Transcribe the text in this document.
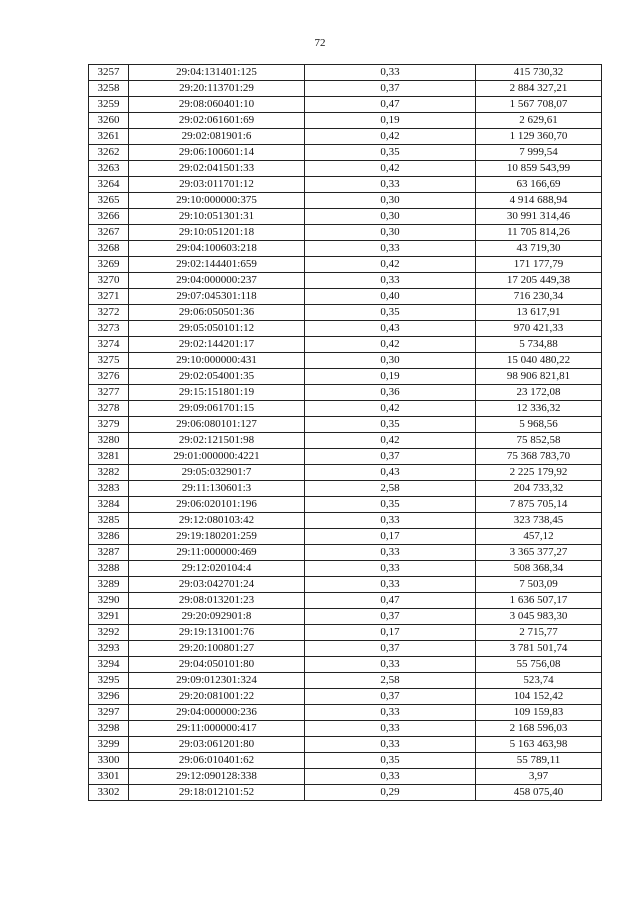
72
3257	29:04:131401:125	0,33	415 730,32
3258	29:20:113701:29	0,37	2 884 327,21
3259	29:08:060401:10	0,47	1 567 708,07
3260	29:02:061601:69	0,19	2 629,61
3261	29:02:081901:6	0,42	1 129 360,70
3262	29:06:100601:14	0,35	7 999,54
3263	29:02:041501:33	0,42	10 859 543,99
3264	29:03:011701:12	0,33	63 166,69
3265	29:10:000000:375	0,30	4 914 688,94
3266	29:10:051301:31	0,30	30 991 314,46
3267	29:10:051201:18	0,30	11 705 814,26
3268	29:04:100603:218	0,33	43 719,30
3269	29:02:144401:659	0,42	171 177,79
3270	29:04:000000:237	0,33	17 205 449,38
3271	29:07:045301:118	0,40	716 230,34
3272	29:06:050501:36	0,35	13 617,91
3273	29:05:050101:12	0,43	970 421,33
3274	29:02:144201:17	0,42	5 734,88
3275	29:10:000000:431	0,30	15 040 480,22
3276	29:02:054001:35	0,19	98 906 821,81
3277	29:15:151801:19	0,36	23 172,08
3278	29:09:061701:15	0,42	12 336,32
3279	29:06:080101:127	0,35	5 968,56
3280	29:02:121501:98	0,42	75 852,58
3281	29:01:000000:4221	0,37	75 368 783,70
3282	29:05:032901:7	0,43	2 225 179,92
3283	29:11:130601:3	2,58	204 733,32
3284	29:06:020101:196	0,35	7 875 705,14
3285	29:12:080103:42	0,33	323 738,45
3286	29:19:180201:259	0,17	457,12
3287	29:11:000000:469	0,33	3 365 377,27
3288	29:12:020104:4	0,33	508 368,34
3289	29:03:042701:24	0,33	7 503,09
3290	29:08:013201:23	0,47	1 636 507,17
3291	29:20:092901:8	0,37	3 045 983,30
3292	29:19:131001:76	0,17	2 715,77
3293	29:20:100801:27	0,37	3 781 501,74
3294	29:04:050101:80	0,33	55 756,08
3295	29:09:012301:324	2,58	523,74
3296	29:20:081001:22	0,37	104 152,42
3297	29:04:000000:236	0,33	109 159,83
3298	29:11:000000:417	0,33	2 168 596,03
3299	29:03:061201:80	0,33	5 163 463,98
3300	29:06:010401:62	0,35	55 789,11
3301	29:12:090128:338	0,33	3,97
3302	29:18:012101:52	0,29	458 075,40
